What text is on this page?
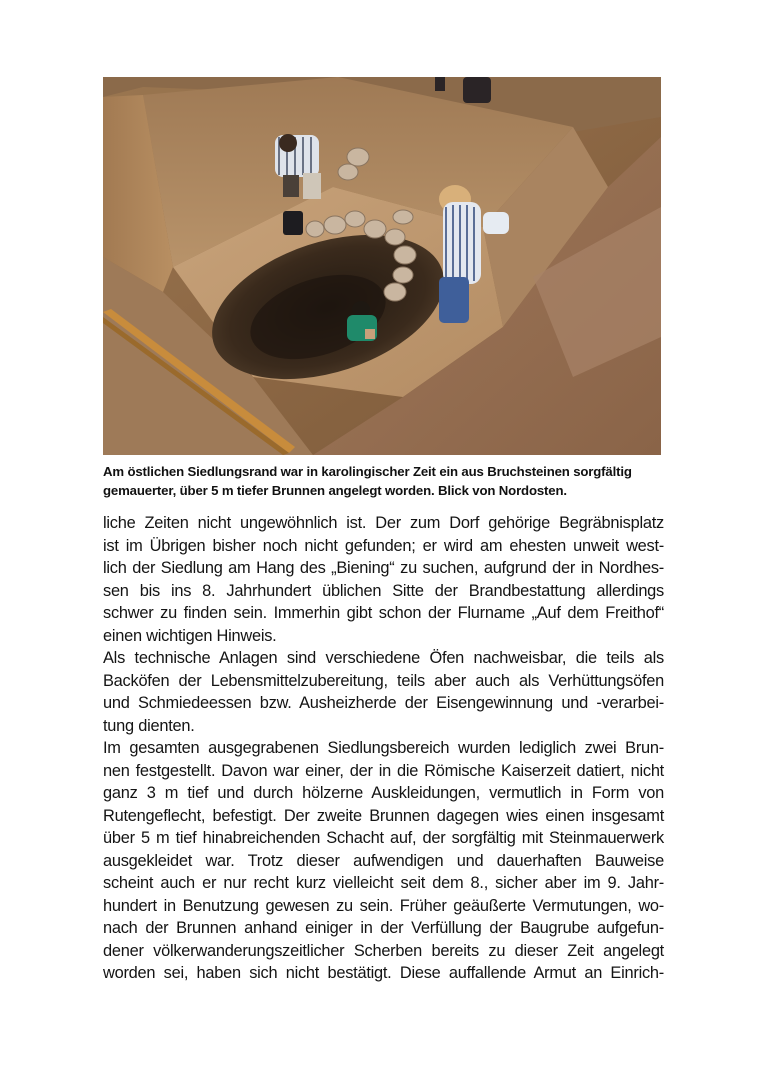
Am östlichen Siedlungsrand war in karolingischer Zeit ein aus Bruchsteinen sorgfältig
gemauerter, über 5 m tiefer Brunnen angelegt worden. Blick von Nordosten.

liche Zeiten nicht ungewöhnlich ist. Der zum Dorf gehörige Begräbnisplatz
ist im Übrigen bisher noch nicht gefunden; er wird am ehesten unweit west-
lich der Siedlung am Hang des „Biening“ zu suchen, aufgrund der in Nordhes-
sen bis ins 8. Jahrhundert üblichen Sitte der Brandbestattung allerdings
schwer zu finden sein. Immerhin gibt schon der Flurname „Auf dem Freithof“
einen wichtigen Hinweis.
Als technische Anlagen sind verschiedene Öfen nachweisbar, die teils als
Backöfen der Lebensmittelzubereitung, teils aber auch als Verhüttungsöfen
und Schmiedeessen bzw. Ausheizherde der Eisengewinnung und -verarbei-
tung dienten.
Im gesamten ausgegrabenen Siedlungsbereich wurden lediglich zwei Brun-
nen festgestellt. Davon war einer, der in die Römische Kaiserzeit datiert, nicht
ganz 3 m tief und durch hölzerne Auskleidungen, vermutlich in Form von
Rutengeflecht, befestigt. Der zweite Brunnen dagegen wies einen insgesamt
über 5 m tief hinabreichenden Schacht auf, der sorgfältig mit Steinmauerwerk
ausgekleidet war. Trotz dieser aufwendigen und dauerhaften Bauweise
scheint auch er nur recht kurz vielleicht seit dem 8., sicher aber im 9. Jahr-
hundert in Benutzung gewesen zu sein. Früher geäußerte Vermutungen, wo-
nach der Brunnen anhand einiger in der Verfüllung der Baugrube aufgefun-
dener völkerwanderungszeitlicher Scherben bereits zu dieser Zeit angelegt
worden sei, haben sich nicht bestätigt. Diese auffallende Armut an Einrich-
